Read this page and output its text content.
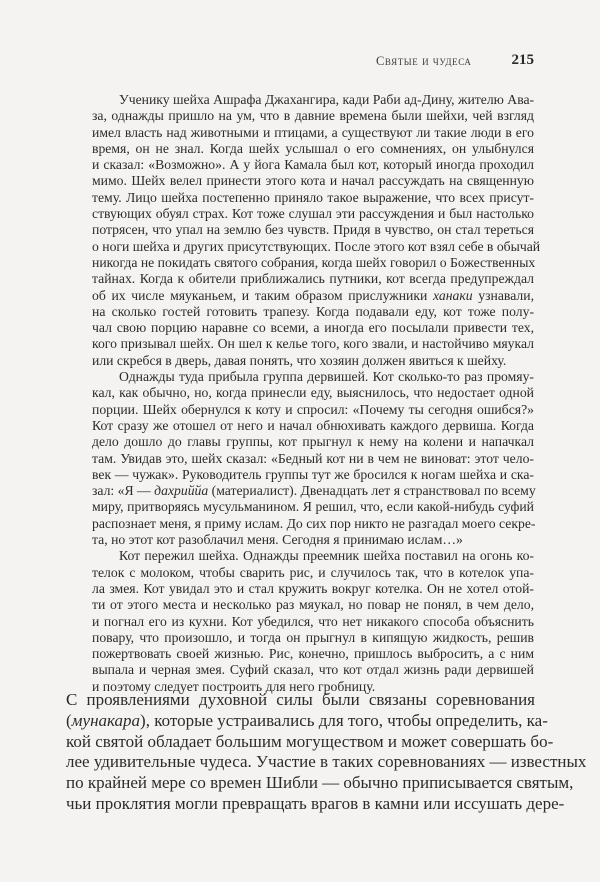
Святые и чудеса	215
Ученику шейха Ашрафа Джахангира, кади Раби ад-Дину, жителю Ава-
за, однажды пришло на ум, что в давние времена были шейхи, чей взгляд
имел власть над животными и птицами, а существуют ли такие люди в его
время, он не знал. Когда шейх услышал о его сомнениях, он улыбнулся
и сказал: «Возможно». А у йога Камала был кот, который иногда проходил
мимо. Шейх велел принести этого кота и начал рассуждать на священную
тему. Лицо шейха постепенно приняло такое выражение, что всех присут-
ствующих обуял страх. Кот тоже слушал эти рассуждения и был настолько
потрясен, что упал на землю без чувств. Придя в чувство, он стал тереться
о ноги шейха и других присутствующих. После этого кот взял себе в обычай
никогда не покидать святого собрания, когда шейх говорил о Божественных
тайнах. Когда к обители приближались путники, кот всегда предупреждал
об их числе мяуканьем, и таким образом прислужники ханаки узнавали,
на сколько гостей готовить трапезу. Когда подавали еду, кот тоже полу-
чал свою порцию наравне со всеми, а иногда его посылали привести тех,
кого призывал шейх. Он шел к келье того, кого звали, и настойчиво мяукал
или скребся в дверь, давая понять, что хозяин должен явиться к шейху.
Однажды туда прибыла группа дервишей. Кот сколько-то раз промяу-
кал, как обычно, но, когда принесли еду, выяснилось, что недостает одной
порции. Шейх обернулся к коту и спросил: «Почему ты сегодня ошибся?»
Кот сразу же отошел от него и начал обнюхивать каждого дервиша. Когда
дело дошло до главы группы, кот прыгнул к нему на колени и напачкал
там. Увидав это, шейх сказал: «Бедный кот ни в чем не виноват: этот чело-
век — чужак». Руководитель группы тут же бросился к ногам шейха и ска-
зал: «Я — дахриййа (материалист). Двенадцать лет я странствовал по всему
миру, притворяясь мусульманином. Я решил, что, если какой-нибудь суфий
распознает меня, я приму ислам. До сих пор никто не разгадал моего секре-
та, но этот кот разоблачил меня. Сегодня я принимаю ислам…»
Кот пережил шейха. Однажды преемник шейха поставил на огонь ко-
телок с молоком, чтобы сварить рис, и случилось так, что в котелок упа-
ла змея. Кот увидал это и стал кружить вокруг котелка. Он не хотел отой-
ти от этого места и несколько раз мяукал, но повар не понял, в чем дело,
и погнал его из кухни. Кот убедился, что нет никакого способа объяснить
повару, что произошло, и тогда он прыгнул в кипящую жидкость, решив
пожертвовать своей жизнью. Рис, конечно, пришлось выбросить, а с ним
выпала и черная змея. Суфий сказал, что кот отдал жизнь ради дервишей
и поэтому следует построить для него гробницу.
С проявлениями духовной силы были связаны соревнования
(мунакара), которые устраивались для того, чтобы определить, ка-
кой святой обладает большим могуществом и может совершать бо-
лее удивительные чудеса. Участие в таких соревнованиях — известных
по крайней мере со времен Шибли — обычно приписывается святым,
чьи проклятия могли превращать врагов в камни или иссушать дере-
